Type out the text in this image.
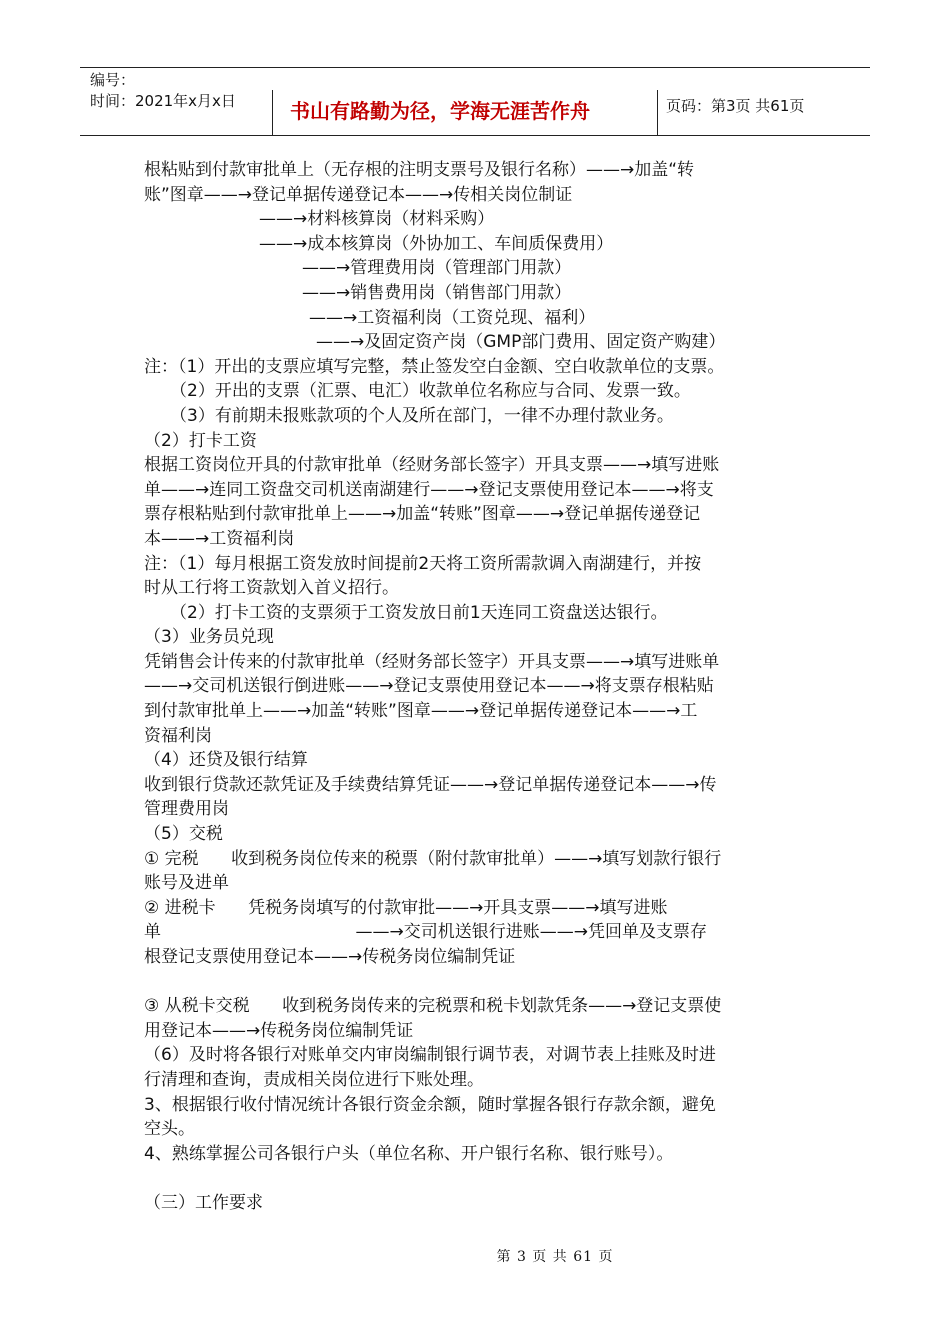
编号：
时间：2021年x月x日	书山有路勤为径，学海无涯苦作舟	页码：第3页 共61页
根粘贴到付款审批单上（无存根的注明支票号及银行名称）——→加盖“转
账”图章——→登记单据传递登记本——→传相关岗位制证
——→材料核算岗（材料采购）
——→成本核算岗（外协加工、车间质保费用）
——→管理费用岗（管理部门用款）
——→销售费用岗（销售部门用款）
——→工资福利岗（工资兑现、福利）
——→及固定资产岗（GMP部门费用、固定资产购建）
注：（1）开出的支票应填写完整，禁止签发空白金额、空白收款单位的支票。
（2）开出的支票（汇票、电汇）收款单位名称应与合同、发票一致。
（3）有前期未报账款项的个人及所在部门，一律不办理付款业务。
（2）打卡工资
根据工资岗位开具的付款审批单（经财务部长签字）开具支票——→填写进账
单——→连同工资盘交司机送南湖建行——→登记支票使用登记本——→将支
票存根粘贴到付款审批单上——→加盖“转账”图章——→登记单据传递登记
本——→工资福利岗
注：（1）每月根据工资发放时间提前2天将工资所需款调入南湖建行，并按
时从工行将工资款划入首义招行。
（2）打卡工资的支票须于工资发放日前1天连同工资盘送达银行。
（3）业务员兑现
凭销售会计传来的付款审批单（经财务部长签字）开具支票——→填写进账单
——→交司机送银行倒进账——→登记支票使用登记本——→将支票存根粘贴
到付款审批单上——→加盖“转账”图章——→登记单据传递登记本——→工
资福利岗
（4）还贷及银行结算
收到银行贷款还款凭证及手续费结算凭证——→登记单据传递登记本——→传
管理费用岗
（5）交税
① 完税      收到税务岗位传来的税票（附付款审批单）——→填写划款行银行
账号及进单
② 进税卡      凭税务岗填写的付款审批——→开具支票——→填写进账
单                                    ——→交司机送银行进账——→凭回单及支票存
根登记支票使用登记本——→传税务岗位编制凭证
③ 从税卡交税      收到税务岗传来的完税票和税卡划款凭条——→登记支票使
用登记本——→传税务岗位编制凭证
（6）及时将各银行对账单交内审岗编制银行调节表，对调节表上挂账及时进
行清理和查询，责成相关岗位进行下账处理。
3、根据银行收付情况统计各银行资金余额，随时掌握各银行存款余额，避免
空头。
4、熟练掌握公司各银行户头（单位名称、开户银行名称、银行账号）。
（三）工作要求
第 3 页 共 61 页
